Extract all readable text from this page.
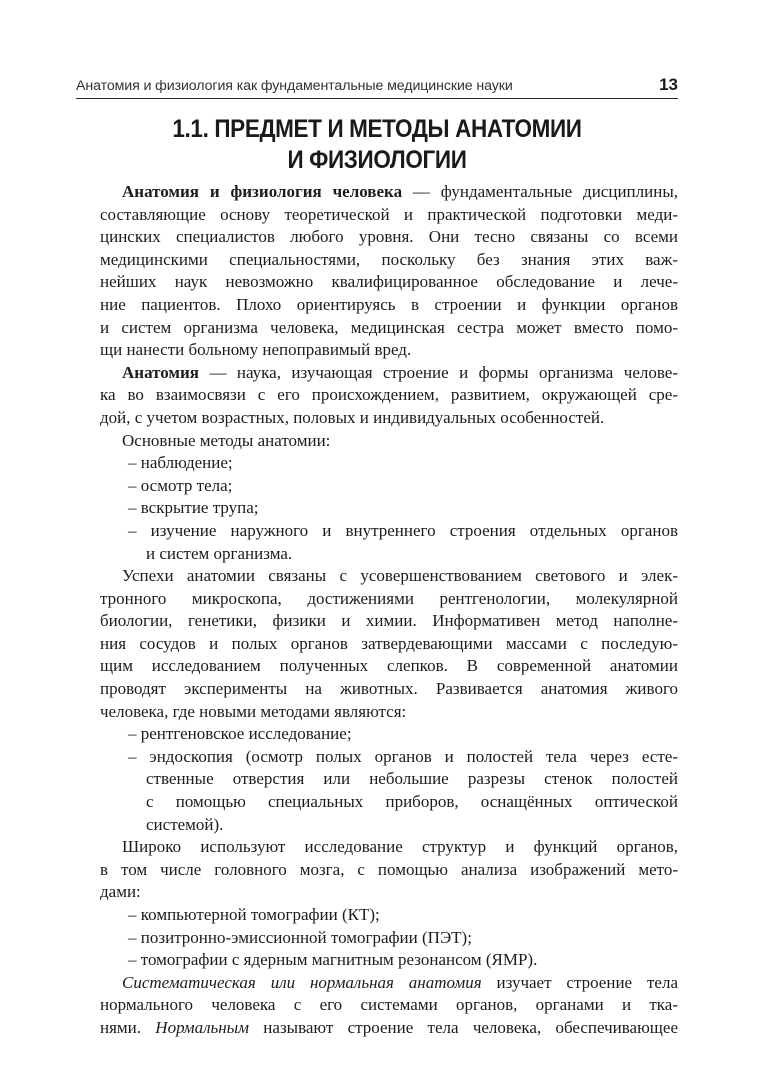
Анатомия и физиология как фундаментальные медицинские науки	13
1.1. ПРЕДМЕТ И МЕТОДЫ АНАТОМИИ
И ФИЗИОЛОГИИ
Анатомия и физиология человека — фундаментальные дисциплины,
составляющие основу теоретической и практической подготовки меди-
цинских специалистов любого уровня. Они тесно связаны со всеми
медицинскими специальностями, поскольку без знания этих важ-
нейших наук невозможно квалифицированное обследование и лече-
ние пациентов. Плохо ориентируясь в строении и функции органов
и систем организма человека, медицинская сестра может вместо помо-
щи нанести больному непоправимый вред.
Анатомия — наука, изучающая строение и формы организма челове-
ка во взаимосвязи с его происхождением, развитием, окружающей сре-
дой, с учетом возрастных, половых и индивидуальных особенностей.
Основные методы анатомии:
– наблюдение;
– осмотр тела;
– вскрытие трупа;
– изучение наружного и внутреннего строения отдельных органов
и систем организма.
Успехи анатомии связаны с усовершенствованием светового и элек-
тронного микроскопа, достижениями рентгенологии, молекулярной
биологии, генетики, физики и химии. Информативен метод наполне-
ния сосудов и полых органов затвердевающими массами с последую-
щим исследованием полученных слепков. В современной анатомии
проводят эксперименты на животных. Развивается анатомия живого
человека, где новыми методами являются:
– рентгеновское исследование;
– эндоскопия (осмотр полых органов и полостей тела через есте-
ственные отверстия или небольшие разрезы стенок полостей
с помощью специальных приборов, оснащённых оптической
системой).
Широко используют исследование структур и функций органов,
в том числе головного мозга, с помощью анализа изображений мето-
дами:
– компьютерной томографии (КТ);
– позитронно-эмиссионной томографии (ПЭТ);
– томографии с ядерным магнитным резонансом (ЯМР).
Систематическая или нормальная анатомия изучает строение тела
нормального человека с его системами органов, органами и тка-
нями. Нормальным называют строение тела человека, обеспечивающее
